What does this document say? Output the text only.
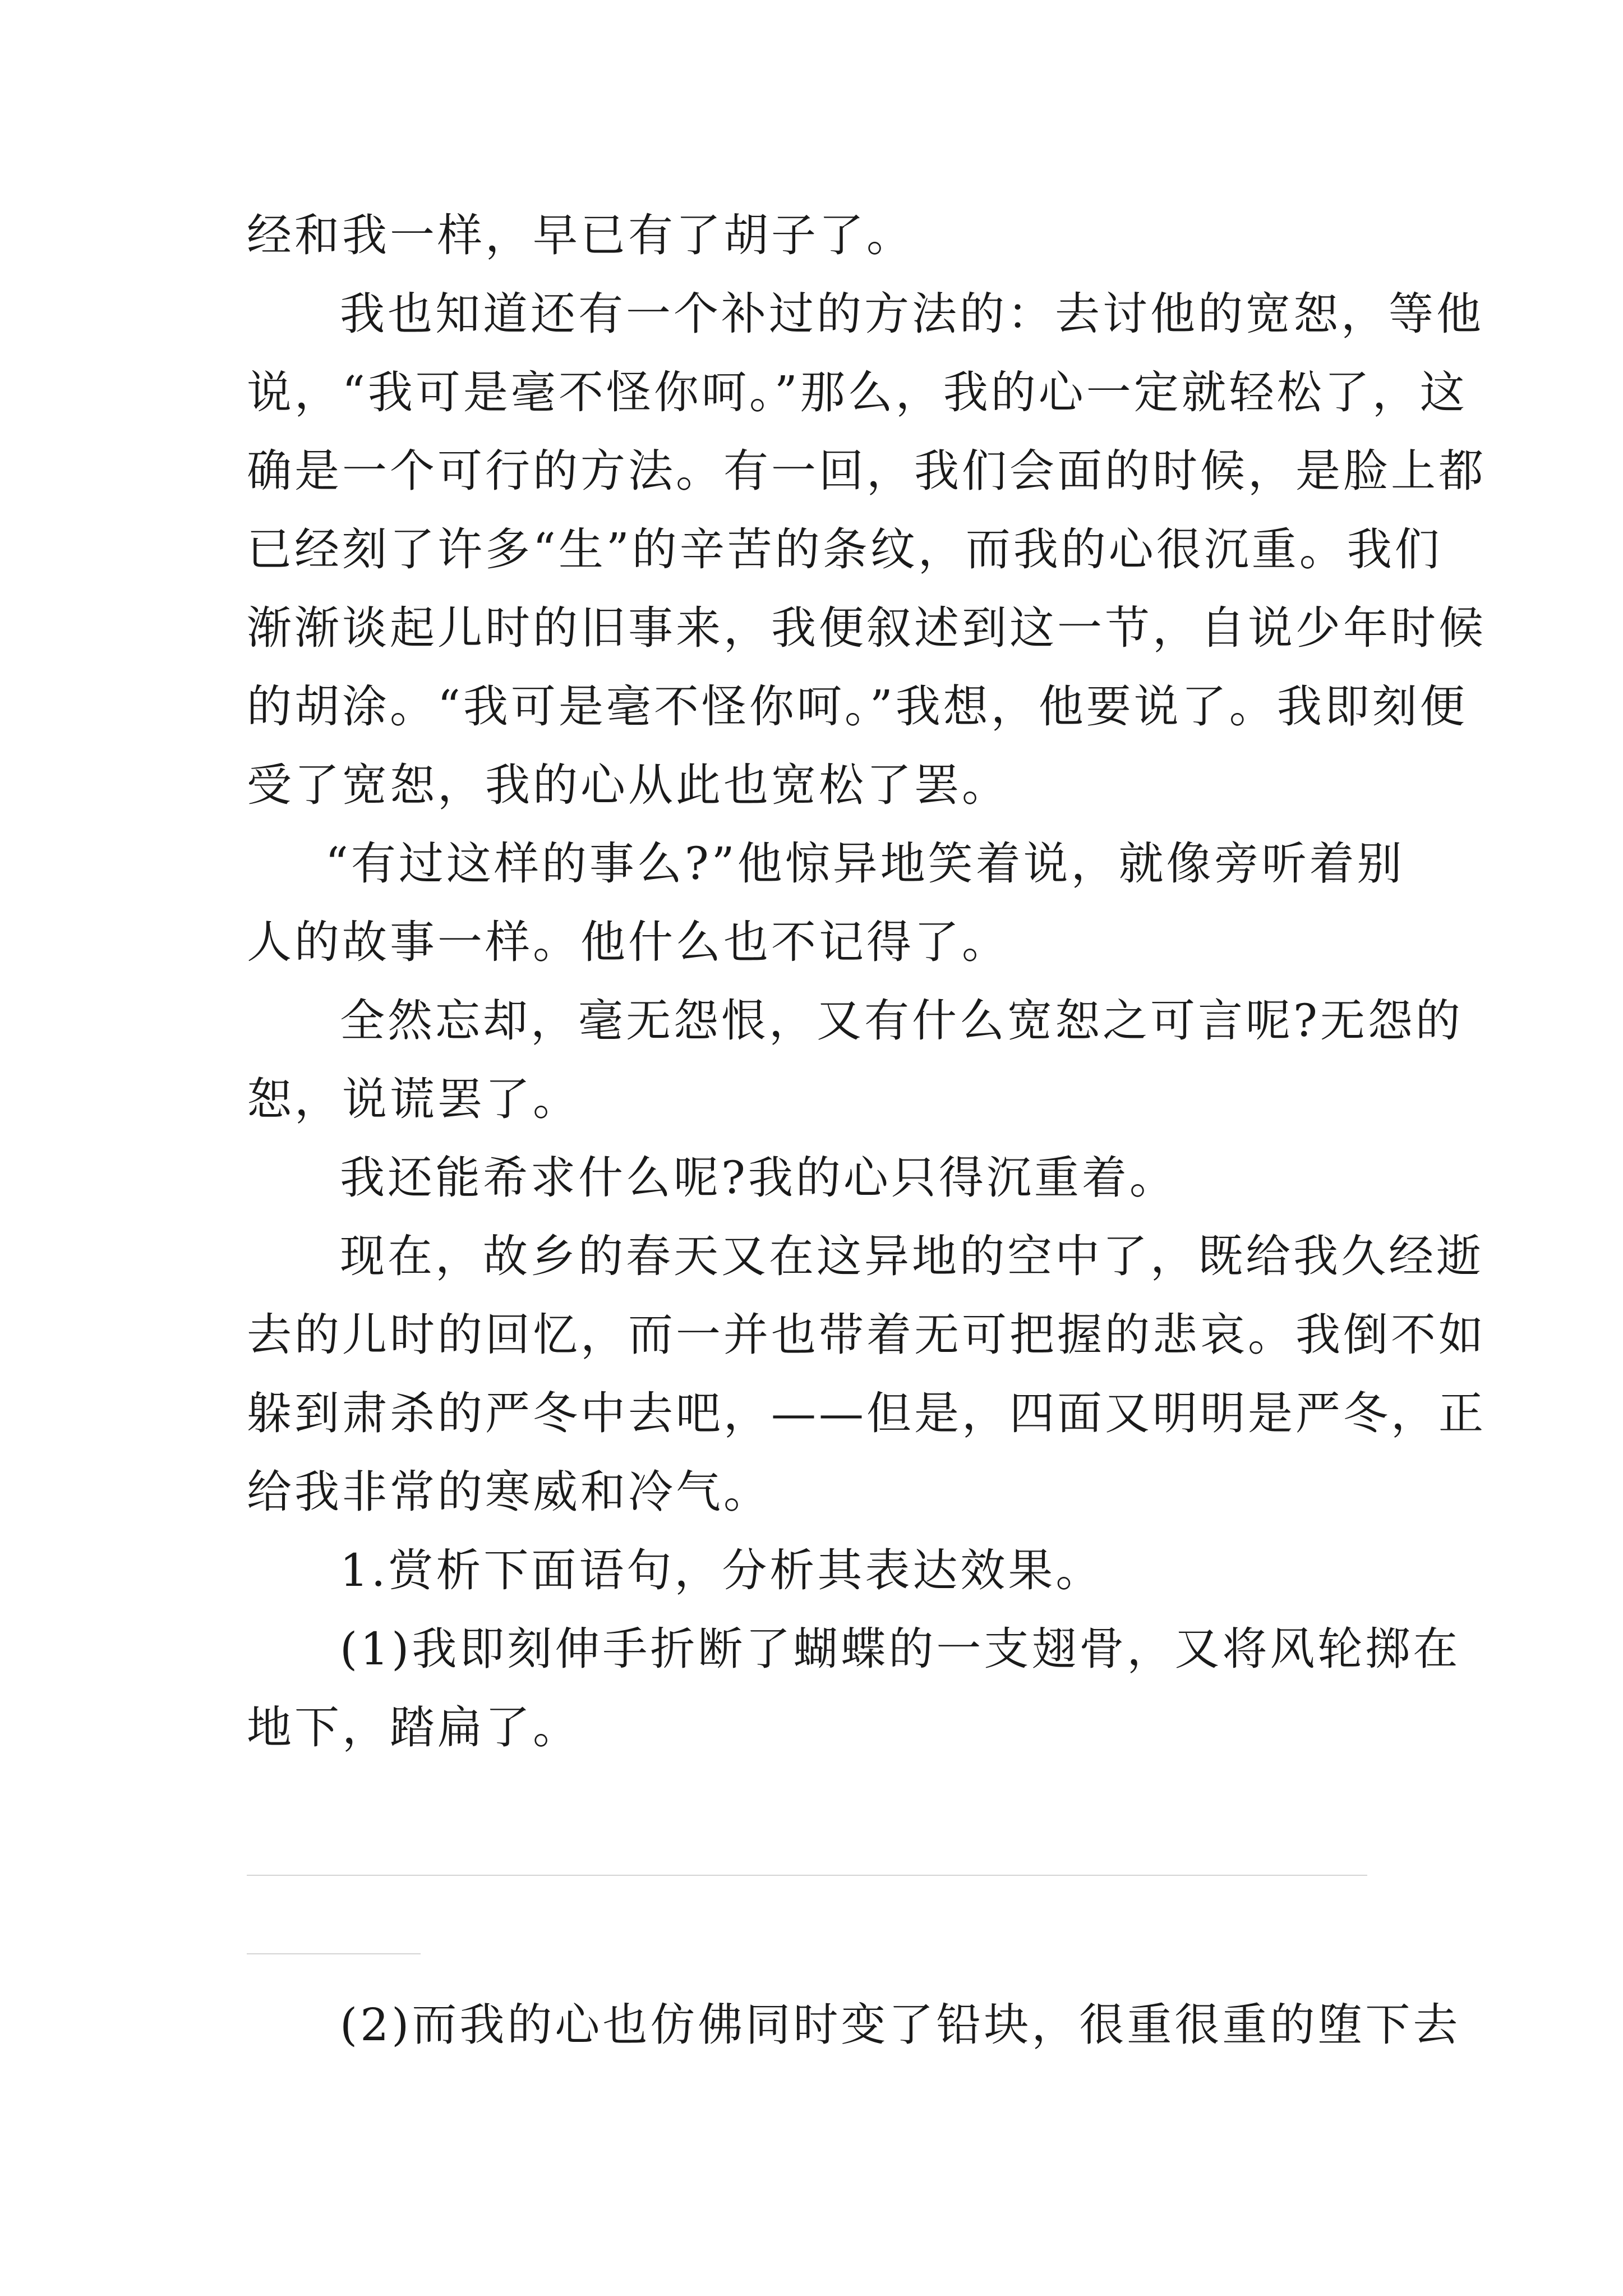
经和我一样，早已有了胡子了。
我也知道还有一个补过的方法的：去讨他的宽恕，等他
说，“我可是毫不怪你呵。”那么，我的心一定就轻松了，这
确是一个可行的方法。有一回，我们会面的时候，是脸上都
已经刻了许多“生”的辛苦的条纹，而我的心很沉重。我们
渐渐谈起儿时的旧事来，我便叙述到这一节，自说少年时候
的胡涂。“我可是毫不怪你呵。”我想，他要说了。我即刻便
受了宽恕，我的心从此也宽松了罢。
“有过这样的事么?”他惊异地笑着说，就像旁听着别
人的故事一样。他什么也不记得了。
全然忘却，毫无怨恨，又有什么宽恕之可言呢?无怨的
恕，说谎罢了。
我还能希求什么呢?我的心只得沉重着。
现在，故乡的春天又在这异地的空中了，既给我久经逝
去的儿时的回忆，而一并也带着无可把握的悲哀。我倒不如
躲到肃杀的严冬中去吧，——但是，四面又明明是严冬，正
给我非常的寒威和冷气。
1.赏析下面语句，分析其表达效果。
(1)我即刻伸手折断了蝴蝶的一支翅骨，又将风轮掷在
地下，踏扁了。
(2)而我的心也仿佛同时变了铅块，很重很重的堕下去
